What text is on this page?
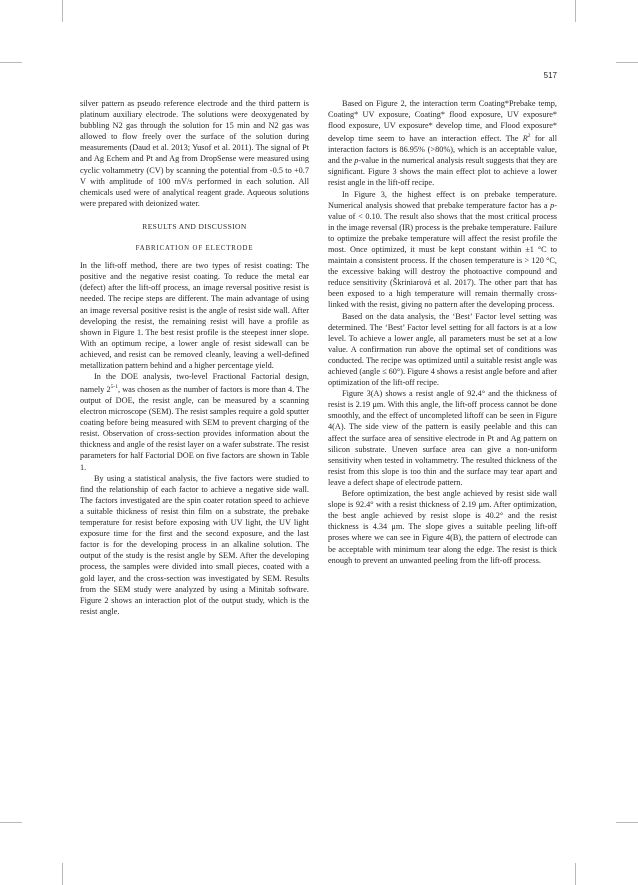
517

silver pattern as pseudo reference electrode and the third pattern is platinum auxiliary electrode. The solutions were deoxygenated by bubbling N2 gas through the solution for 15 min and N2 gas was allowed to flow freely over the surface of the solution during measurements (Daud et al. 2013; Yusof et al. 2011). The signal of Pt and Ag Echem and Pt and Ag from DropSense were measured using cyclic voltammetry (CV) by scanning the potential from -0.5 to +0.7 V with amplitude of 100 mV/s performed in each solution. All chemicals used were of analytical reagent grade. Aqueous solutions were prepared with deionized water.

RESULTS AND DISCUSSION
FABRICATION OF ELECTRODE

In the lift-off method, there are two types of resist coating: The positive and the negative resist coating. To reduce the metal ear (defect) after the lift-off process, an image reversal positive resist is needed. The recipe steps are different. The main advantage of using an image reversal positive resist is the angle of resist side wall. After developing the resist, the remaining resist will have a profile as shown in Figure 1. The best resist profile is the steepest inner slope. With an optimum recipe, a lower angle of resist sidewall can be achieved, and resist can be removed cleanly, leaving a well-defined metallization pattern behind and a higher percentage yield.

In the DOE analysis, two-level Fractional Factorial design, namely 2$^{5-1}$, was chosen as the number of factors is more than 4. The output of DOE, the resist angle, can be measured by a scanning electron microscope (SEM). The resist samples require a gold sputter coating before being measured with SEM to prevent charging of the resist. Observation of cross-section provides information about the thickness and angle of the resist layer on a wafer substrate. The resist parameters for half Factorial DOE on five factors are shown in Table 1.

By using a statistical analysis, the five factors were studied to find the relationship of each factor to achieve a negative side wall. The factors investigated are the spin coater rotation speed to achieve a suitable thickness of resist thin film on a substrate, the prebake temperature for resist before exposing with UV light, the UV light exposure time for the first and the second exposure, and the last factor is for the developing process in an alkaline solution. The output of the study is the resist angle by SEM. After the developing process, the samples were divided into small pieces, coated with a gold layer, and the cross-section was investigated by SEM. Results from the SEM study were analyzed by using a Minitab software. Figure 2 shows an interaction plot of the output study, which is the resist angle.

Based on Figure 2, the interaction term Coating*Prebake temp, Coating* UV exposure, Coating* flood exposure, UV exposure* flood exposure, UV exposure* develop time, and Flood exposure* develop time seem to have an interaction effect. The $R^2$ for all interaction factors is 86.95% (>80%), which is an acceptable value, and the p-value in the numerical analysis result suggests that they are significant. Figure 3 shows the main effect plot to achieve a lower resist angle in the lift-off recipe.

In Figure 3, the highest effect is on prebake temperature. Numerical analysis showed that prebake temperature factor has a p-value of < 0.10. The result also shows that the most critical process in the image reversal (IR) process is the prebake temperature. Failure to optimize the prebake temperature will affect the resist profile the most. Once optimized, it must be kept constant within ±1 °C to maintain a consistent process. If the chosen temperature is > 120 °C, the excessive baking will destroy the photoactive compound and reduce sensitivity (Škriniarová et al. 2017). The other part that has been exposed to a high temperature will remain thermally cross-linked with the resist, giving no pattern after the developing process.

Based on the data analysis, the ‘Best’ Factor level setting was determined. The ‘Best’ Factor level setting for all factors is at a low level. To achieve a lower angle, all parameters must be set at a low value. A confirmation run above the optimal set of conditions was conducted. The recipe was optimized until a suitable resist angle was achieved (angle ≤ 60°). Figure 4 shows a resist angle before and after optimization of the lift-off recipe.

Figure 3(A) shows a resist angle of 92.4° and the thickness of resist is 2.19 μm. With this angle, the lift-off process cannot be done smoothly, and the effect of uncompleted liftoff can be seen in Figure 4(A). The side view of the pattern is easily peelable and this can affect the surface area of sensitive electrode in Pt and Ag pattern on silicon substrate. Uneven surface area can give a non-uniform sensitivity when tested in voltammetry. The resulted thickness of the resist from this slope is too thin and the surface may tear apart and leave a defect shape of electrode pattern.

Before optimization, the best angle achieved by resist side wall slope is 92.4° with a resist thickness of 2.19 μm. After optimization, the best angle achieved by resist slope is 40.2° and the resist thickness is 4.34 μm. The slope gives a suitable peeling lift-off proses where we can see in Figure 4(B), the pattern of electrode can be acceptable with minimum tear along the edge. The resist is thick enough to prevent an unwanted peeling from the lift-off process.
